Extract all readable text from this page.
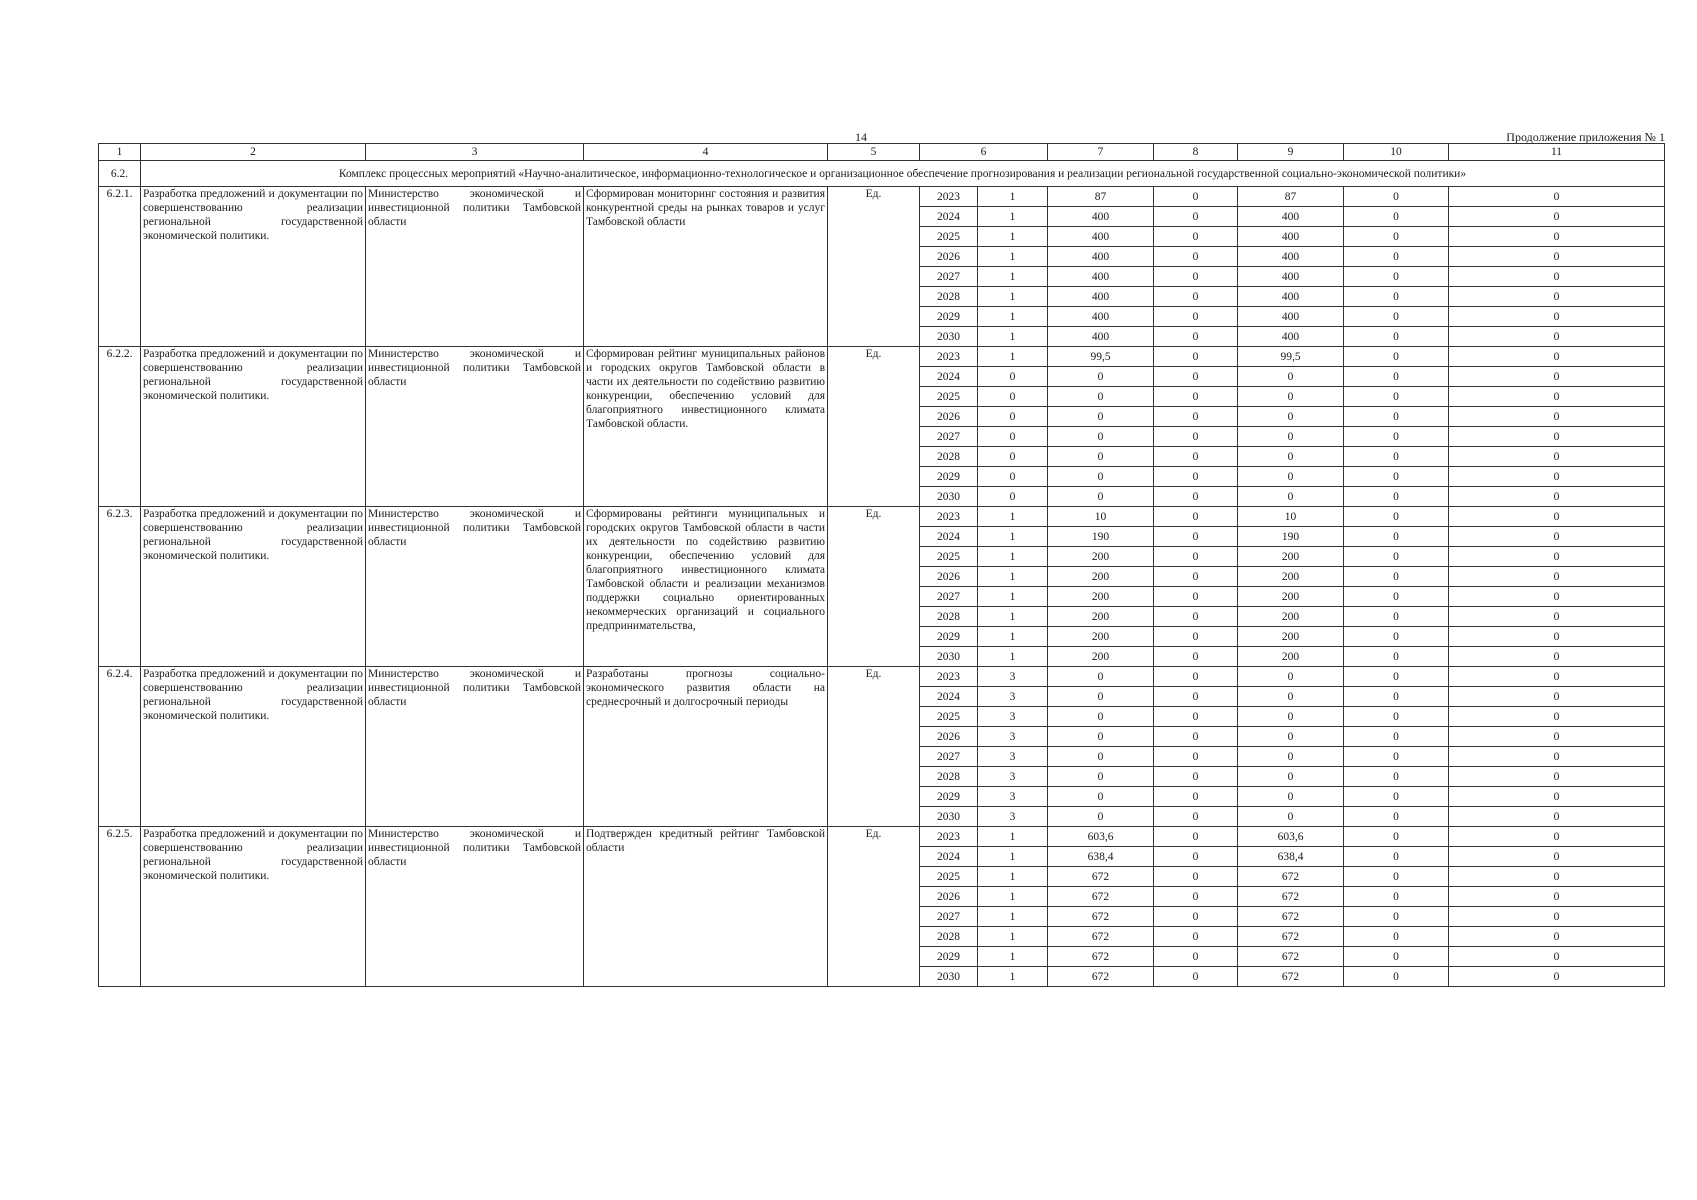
14	Продолжение приложения № 1
1	2	3	4	5	6		7	8	9	10	11
6.2.	Комплекс процессных мероприятий «Научно-аналитическое, информационно-технологическое и организационное обеспечение прогнозирования и реализации региональной государственной социально-экономической политики»										
6.2.1.	Разработка предложений и документации по совершенствованию реализации региональной государственной экономической политики.	Министерство экономической и инвестиционной политики Тамбовской области	Сформирован мониторинг состояния и развития конкурентной среды на рынках товаров и услуг Тамбовской области	Ед.	2023	1	87	0	87	0	0
					2024	1	400	0	400	0	0
					2025	1	400	0	400	0	0
					2026	1	400	0	400	0	0
					2027	1	400	0	400	0	0
					2028	1	400	0	400	0	0
					2029	1	400	0	400	0	0
					2030	1	400	0	400	0	0
6.2.2.	Разработка предложений и документации по совершенствованию реализации региональной государственной экономической политики.	Министерство экономической и инвестиционной политики Тамбовской области	Сформирован рейтинг муниципальных районов и городских округов Тамбовской области в части их деятельности по содействию развитию конкуренции, обеспечению условий для благоприятного инвестиционного климата Тамбовской области.	Ед.	2023	1	99,5	0	99,5	0	0
					2024	0	0	0	0	0	0
					2025	0	0	0	0	0	0
					2026	0	0	0	0	0	0
					2027	0	0	0	0	0	0
					2028	0	0	0	0	0	0
					2029	0	0	0	0	0	0
					2030	0	0	0	0	0	0
6.2.3.	Разработка предложений и документации по совершенствованию реализации региональной государственной экономической политики.	Министерство экономической и инвестиционной политики Тамбовской области	Сформированы рейтинги муниципальных и городских округов Тамбовской области в части их деятельности по содействию развитию конкуренции, обеспечению условий для благоприятного инвестиционного климата Тамбовской области и реализации механизмов поддержки социально ориентированных некоммерческих организаций и социального предпринимательства,	Ед.	2023	1	10	0	10	0	0
					2024	1	190	0	190	0	0
					2025	1	200	0	200	0	0
					2026	1	200	0	200	0	0
					2027	1	200	0	200	0	0
					2028	1	200	0	200	0	0
					2029	1	200	0	200	0	0
					2030	1	200	0	200	0	0
6.2.4.	Разработка предложений и документации по совершенствованию реализации региональной государственной экономической политики.	Министерство экономической и инвестиционной политики Тамбовской области	Разработаны прогнозы социально-экономического развития области на среднесрочный и долгосрочный периоды	Ед.	2023	3	0	0	0	0	0
					2024	3	0	0	0	0	0
					2025	3	0	0	0	0	0
					2026	3	0	0	0	0	0
					2027	3	0	0	0	0	0
					2028	3	0	0	0	0	0
					2029	3	0	0	0	0	0
					2030	3	0	0	0	0	0
6.2.5.	Разработка предложений и документации по совершенствованию реализации региональной государственной экономической политики.	Министерство экономической и инвестиционной политики Тамбовской области	Подтвержден кредитный рейтинг Тамбовской области	Ед.	2023	1	603,6	0	603,6	0	0
					2024	1	638,4	0	638,4	0	0
					2025	1	672	0	672	0	0
					2026	1	672	0	672	0	0
					2027	1	672	0	672	0	0
					2028	1	672	0	672	0	0
					2029	1	672	0	672	0	0
					2030	1	672	0	672	0	0
